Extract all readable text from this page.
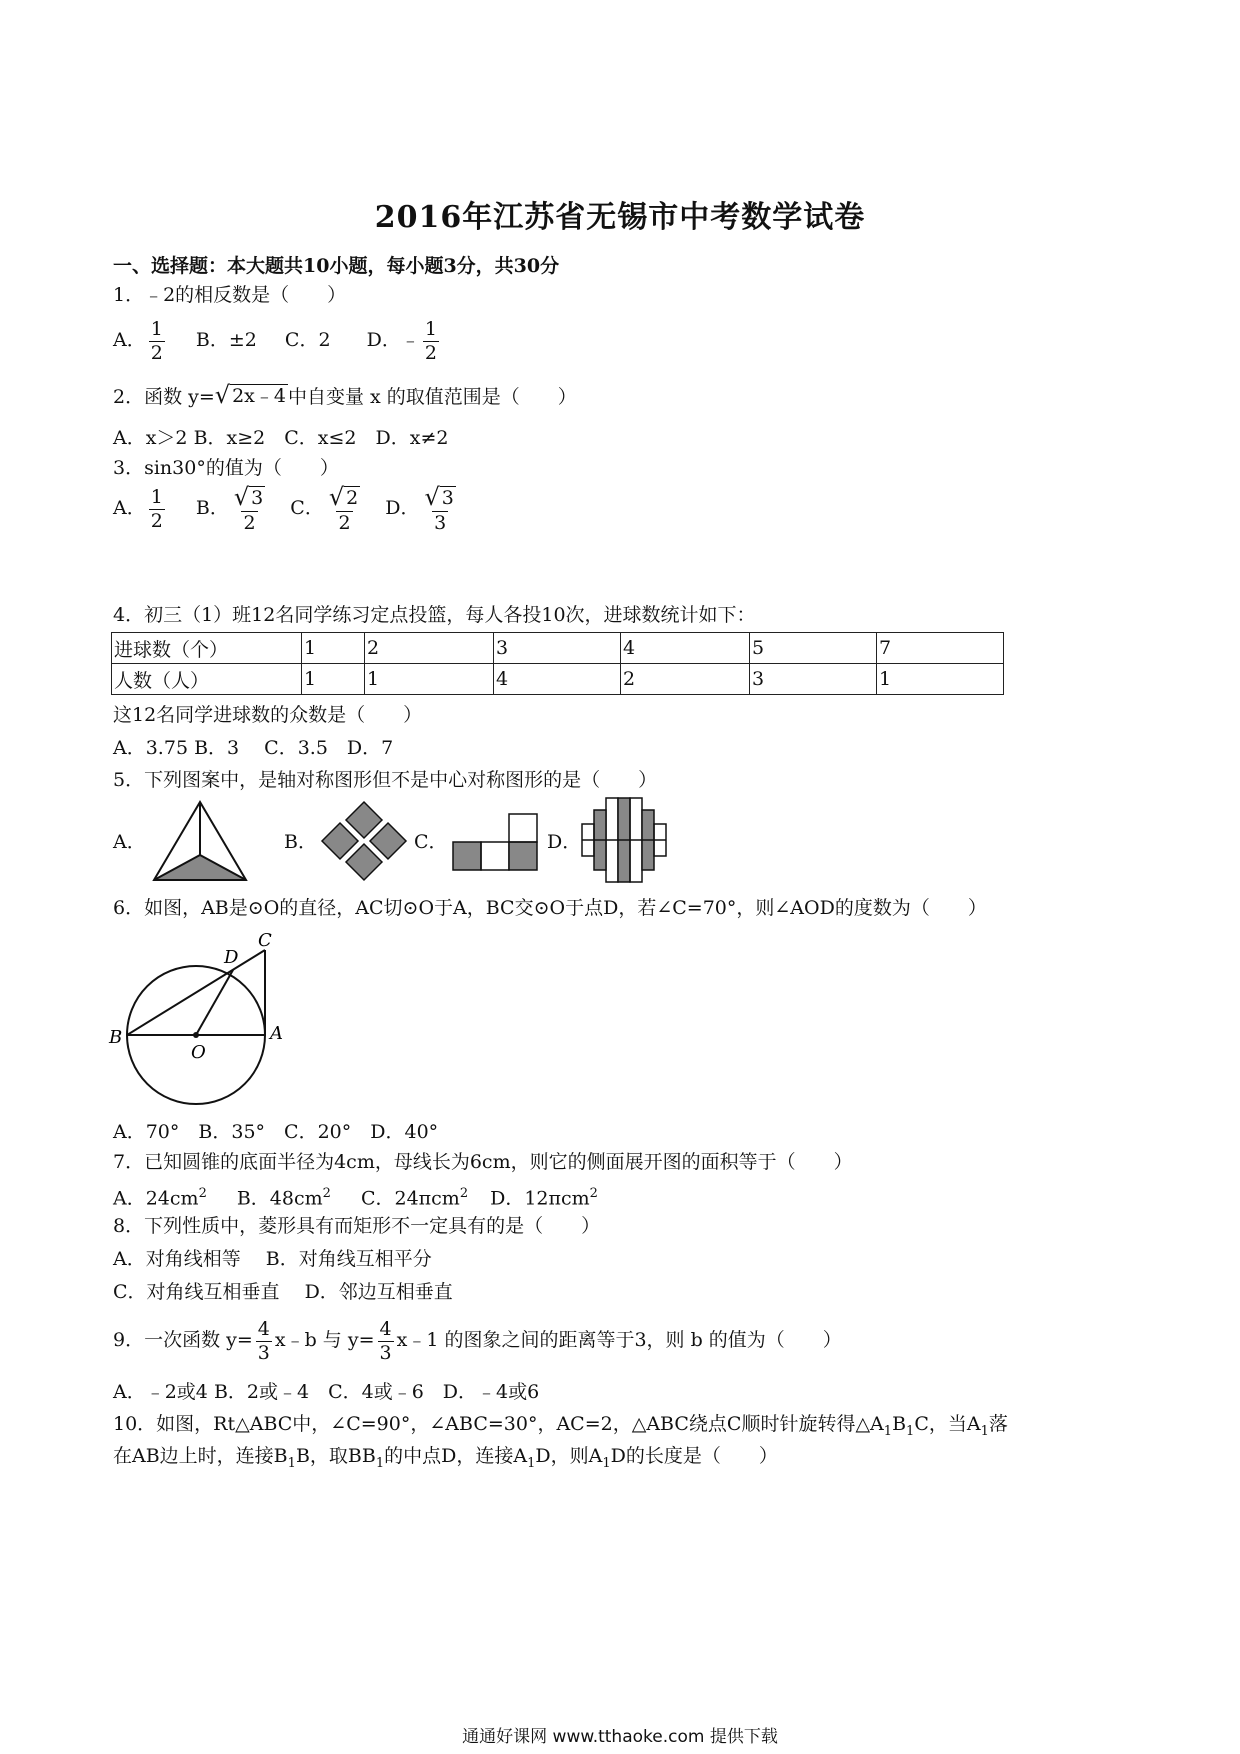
2016年江苏省无锡市中考数学试卷
一、选择题：本大题共10小题，每小题3分，共30分
1．﹣2的相反数是（　　）
A． $\frac{1}{2}$ B．±2 C．2 D．﹣ $\frac{1}{2}$
2．函数 y= √ 2x﹣4 中自变量 x 的取值范围是（　　）
A．x＞2 B．x≥2　C．x≤2　D．x≠2
3．sin30°的值为（　　）
A． $\frac{1}{2}$ B． $\frac{√ 3}{2}$ C． $\frac{√ 2}{2}$ D． $\frac{√ 3}{3}$
4．初三（1）班12名同学练习定点投篮，每人各投10次，进球数统计如下：
进球数（个）	1	2	3	4	5	7
人数（人）	1	1	4	2	3	1
这12名同学进球数的众数是（　　）
A．3.75 B．3　 C．3.5　D．7
5．下列图案中，是轴对称图形但不是中心对称图形的是（　　）
A．	B．	C．	D．
6．如图，AB是⊙O的直径，AC切⊙O于A，BC交⊙O于点D，若∠C=70°，则∠AOD的度数为（　　）
B
O
A
D
C
A．70°　B．35°　C．20°　D．40°
7．已知圆锥的底面半径为4cm，母线长为6cm，则它的侧面展开图的面积等于（　　）
A．$24cm^2$ B．$48cm^2$ C．24πcm$^2$ D．12πcm$^2$
8．下列性质中，菱形具有而矩形不一定具有的是（　　）
A．对角线相等　 B．对角线互相平分
C．对角线互相垂直　 D．邻边互相垂直
9．一次函数 $y= \frac{4}{3}$ x﹣b 与 $y= \frac{4}{3}$ x﹣1 的图象之间的距离等于3，则 b 的值为（　　）
A．﹣2或4 B．2或﹣4　C．4或﹣6　D．﹣4或6
10．如图，Rt△ABC中，∠C=90°，∠ABC=30°，AC=2，△ABC绕点C顺时针旋转得$\triangle A_1B_1C$，当$A_1$落
在AB边上时，连接$B_1B$，取$BB_1$的中点D，连接$A_1D$，则$A_1D$的长度是（　　）
通通好课网 www.tthaoke.com 提供下载
